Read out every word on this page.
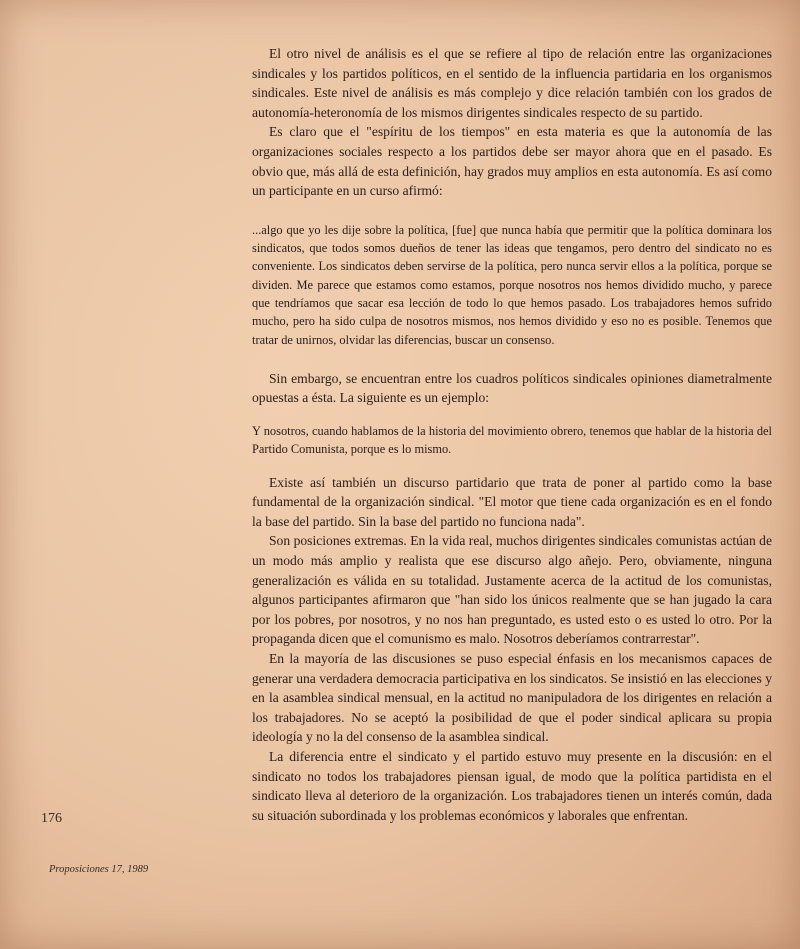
El otro nivel de análisis es el que se refiere al tipo de relación entre las organizaciones sindicales y los partidos políticos, en el sentido de la influencia partidaria en los organismos sindicales. Este nivel de análisis es más complejo y dice relación también con los grados de autonomía-heteronomía de los mismos dirigentes sindicales respecto de su partido.

Es claro que el "espíritu de los tiempos" en esta materia es que la autonomía de las organizaciones sociales respecto a los partidos debe ser mayor ahora que en el pasado. Es obvio que, más allá de esta definición, hay grados muy amplios en esta autonomía. Es así como un participante en un curso afirmó:

...algo que yo les dije sobre la política, [fue] que nunca había que permitir que la política dominara los sindicatos, que todos somos dueños de tener las ideas que tengamos, pero dentro del sindicato no es conveniente. Los sindicatos deben servirse de la política, pero nunca servir ellos a la política, porque se dividen. Me parece que estamos como estamos, porque nosotros nos hemos dividido mucho, y parece que tendríamos que sacar esa lección de todo lo que hemos pasado. Los trabajadores hemos sufrido mucho, pero ha sido culpa de nosotros mismos, nos hemos dividido y eso no es posible. Tenemos que tratar de unirnos, olvidar las diferencias, buscar un consenso.

Sin embargo, se encuentran entre los cuadros políticos sindicales opiniones diametralmente opuestas a ésta. La siguiente es un ejemplo:

Y nosotros, cuando hablamos de la historia del movimiento obrero, tenemos que hablar de la historia del Partido Comunista, porque es lo mismo.

Existe así también un discurso partidario que trata de poner al partido como la base fundamental de la organización sindical. "El motor que tiene cada organización es en el fondo la base del partido. Sin la base del partido no funciona nada".

Son posiciones extremas. En la vida real, muchos dirigentes sindicales comunistas actúan de un modo más amplio y realista que ese discurso algo añejo. Pero, obviamente, ninguna generalización es válida en su totalidad. Justamente acerca de la actitud de los comunistas, algunos participantes afirmaron que "han sido los únicos realmente que se han jugado la cara por los pobres, por nosotros, y no nos han preguntado, es usted esto o es usted lo otro. Por la propaganda dicen que el comunismo es malo. Nosotros deberíamos contrarrestar".

En la mayoría de las discusiones se puso especial énfasis en los mecanismos capaces de generar una verdadera democracia participativa en los sindicatos. Se insistió en las elecciones y en la asamblea sindical mensual, en la actitud no manipuladora de los dirigentes en relación a los trabajadores. No se aceptó la posibilidad de que el poder sindical aplicara su propia ideología y no la del consenso de la asamblea sindical.

La diferencia entre el sindicato y el partido estuvo muy presente en la discusión: en el sindicato no todos los trabajadores piensan igual, de modo que la política partidista en el sindicato lleva al deterioro de la organización. Los trabajadores tienen un interés común, dada su situación subordinada y los problemas económicos y laborales que enfrentan.

176
Proposiciones 17, 1989
